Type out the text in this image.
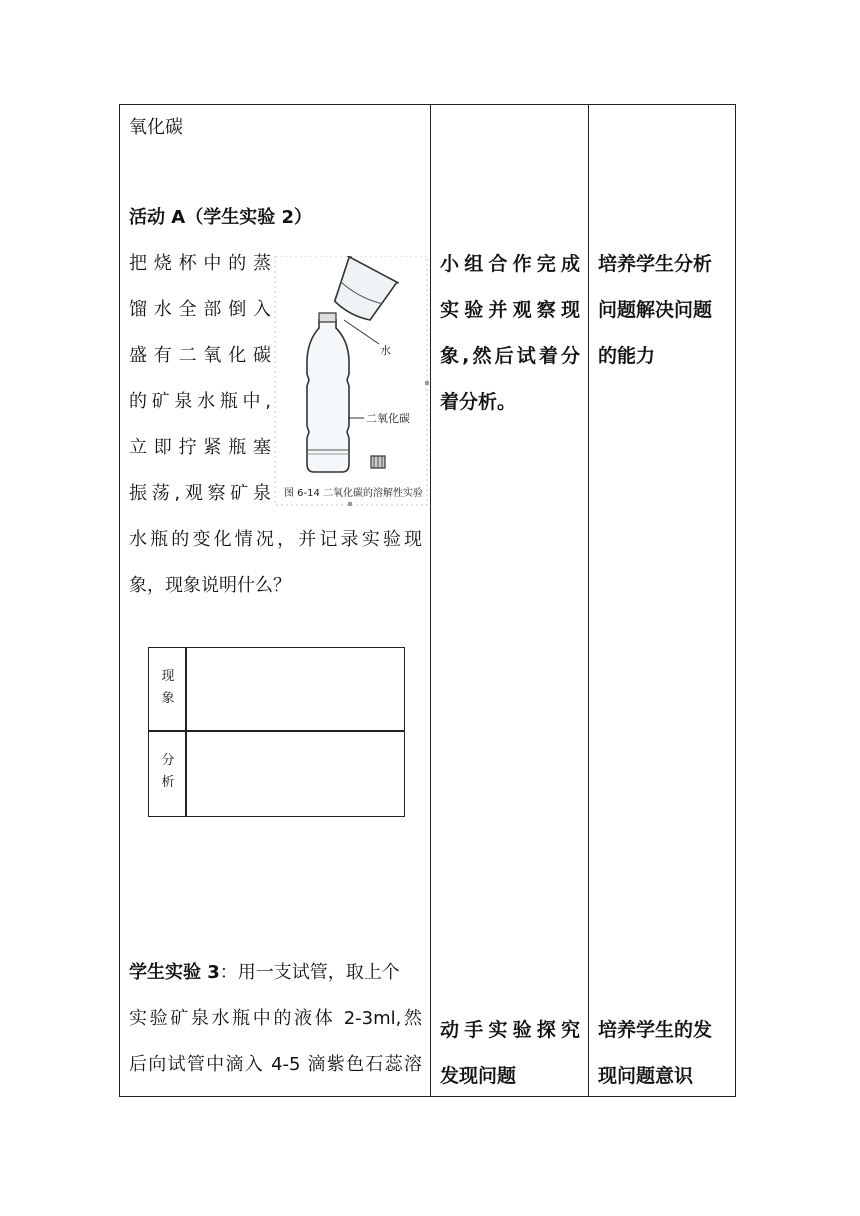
氧化碳
活动 A（学生实验 2）
把烧杯中的蒸
馏水全部倒入
盛有二氧化碳
的矿泉水瓶中,
立即拧紧瓶塞
振荡,观察矿泉
水瓶的变化情况，并记录实验现
象，现象说明什么？
水
二氧化碳
图 6-14 二氧化碳的溶解性实验
现
象
分
析
学生实验 3：用一支试管，取上个
实验矿泉水瓶中的液体 2-3ml,然
后向试管中滴入 4-5 滴紫色石蕊溶
小组合作完成
实验并观察现
象,然后试着分
着分析。
动手实验探究
发现问题
培养学生分析
问题解决问题
的能力
培养学生的发
现问题意识
